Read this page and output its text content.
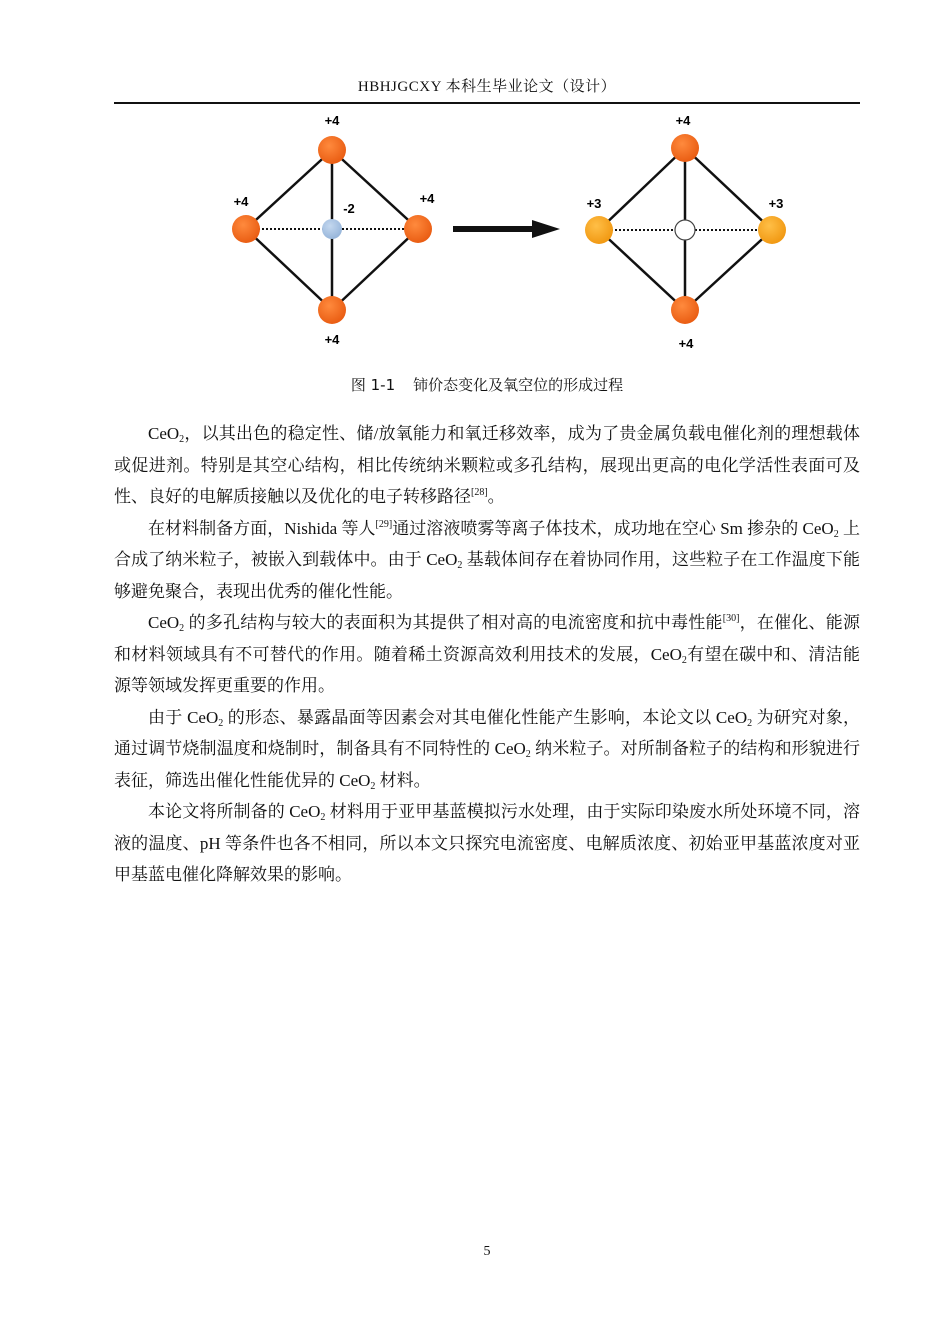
HBHJGCXY 本科生毕业论文（设计）
+4
+4	+4
-2
+4
+4
+3	+3
+4
图 1-1 铈价态变化及氧空位的形成过程

CeO$_2$，以其出色的稳定性、储/放氧能力和氧迁移效率，成为了贵金属负载电催化剂的理想载体或促进剂。特别是其空心结构，相比传统纳米颗粒或多孔结构，展现出更高的电化学活性表面可及性、良好的电解质接触以及优化的电子转移路径[28]。

在材料制备方面，Nishida 等人[29]通过溶液喷雾等离子体技术，成功地在空心 Sm 掺杂的 CeO$_2$ 上合成了纳米粒子，被嵌入到载体中。由于 CeO$_2$ 基载体间存在着协同作用，这些粒子在工作温度下能够避免聚合，表现出优秀的催化性能。

CeO$_2$ 的多孔结构与较大的表面积为其提供了相对高的电流密度和抗中毒性能[30]，在催化、能源和材料领域具有不可替代的作用。随着稀土资源高效利用技术的发展，CeO$_2$有望在碳中和、清洁能源等领域发挥更重要的作用。

由于 CeO$_2$ 的形态、暴露晶面等因素会对其电催化性能产生影响，本论文以 CeO$_2$ 为研究对象，通过调节烧制温度和烧制时，制备具有不同特性的 CeO$_2$ 纳米粒子。对所制备粒子的结构和形貌进行表征，筛选出催化性能优异的 CeO$_2$ 材料。

本论文将所制备的 CeO$_2$ 材料用于亚甲基蓝模拟污水处理，由于实际印染废水所处环境不同，溶液的温度、pH 等条件也各不相同，所以本文只探究电流密度、电解质浓度、初始亚甲基蓝浓度对亚甲基蓝电催化降解效果的影响。

5
